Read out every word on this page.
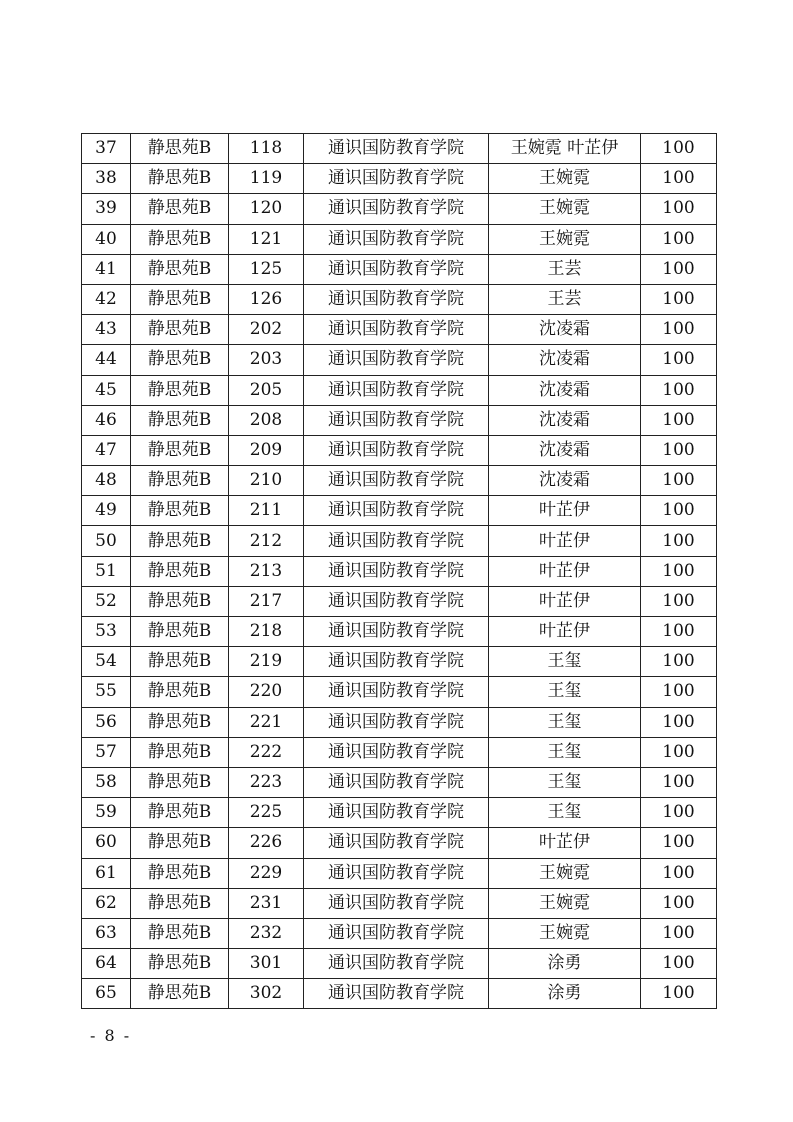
37	静思苑B	118	通识国防教育学院	王婉霓 叶芷伊	100
38	静思苑B	119	通识国防教育学院	王婉霓	100
39	静思苑B	120	通识国防教育学院	王婉霓	100
40	静思苑B	121	通识国防教育学院	王婉霓	100
41	静思苑B	125	通识国防教育学院	王芸	100
42	静思苑B	126	通识国防教育学院	王芸	100
43	静思苑B	202	通识国防教育学院	沈凌霜	100
44	静思苑B	203	通识国防教育学院	沈凌霜	100
45	静思苑B	205	通识国防教育学院	沈凌霜	100
46	静思苑B	208	通识国防教育学院	沈凌霜	100
47	静思苑B	209	通识国防教育学院	沈凌霜	100
48	静思苑B	210	通识国防教育学院	沈凌霜	100
49	静思苑B	211	通识国防教育学院	叶芷伊	100
50	静思苑B	212	通识国防教育学院	叶芷伊	100
51	静思苑B	213	通识国防教育学院	叶芷伊	100
52	静思苑B	217	通识国防教育学院	叶芷伊	100
53	静思苑B	218	通识国防教育学院	叶芷伊	100
54	静思苑B	219	通识国防教育学院	王玺	100
55	静思苑B	220	通识国防教育学院	王玺	100
56	静思苑B	221	通识国防教育学院	王玺	100
57	静思苑B	222	通识国防教育学院	王玺	100
58	静思苑B	223	通识国防教育学院	王玺	100
59	静思苑B	225	通识国防教育学院	王玺	100
60	静思苑B	226	通识国防教育学院	叶芷伊	100
61	静思苑B	229	通识国防教育学院	王婉霓	100
62	静思苑B	231	通识国防教育学院	王婉霓	100
63	静思苑B	232	通识国防教育学院	王婉霓	100
64	静思苑B	301	通识国防教育学院	涂勇	100
65	静思苑B	302	通识国防教育学院	涂勇	100
- 8 -
